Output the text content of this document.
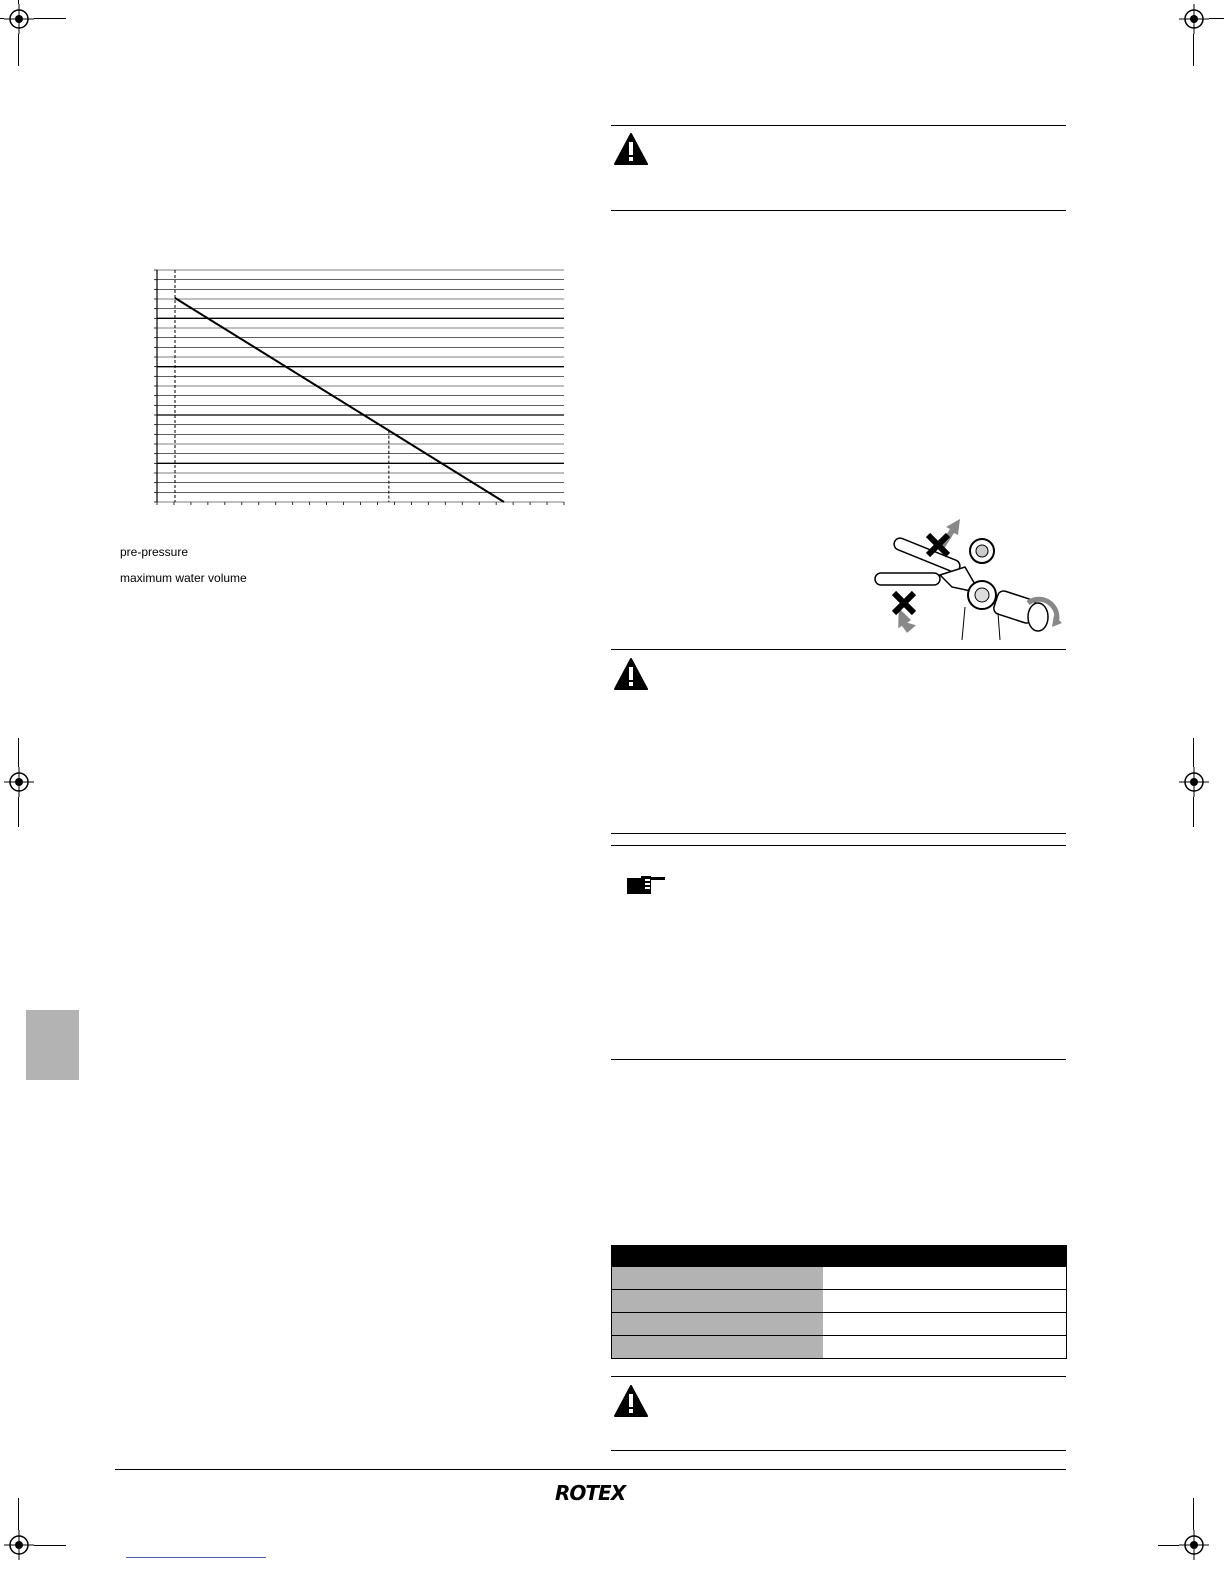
pre-pressure
maximum water volume

ROTEX
